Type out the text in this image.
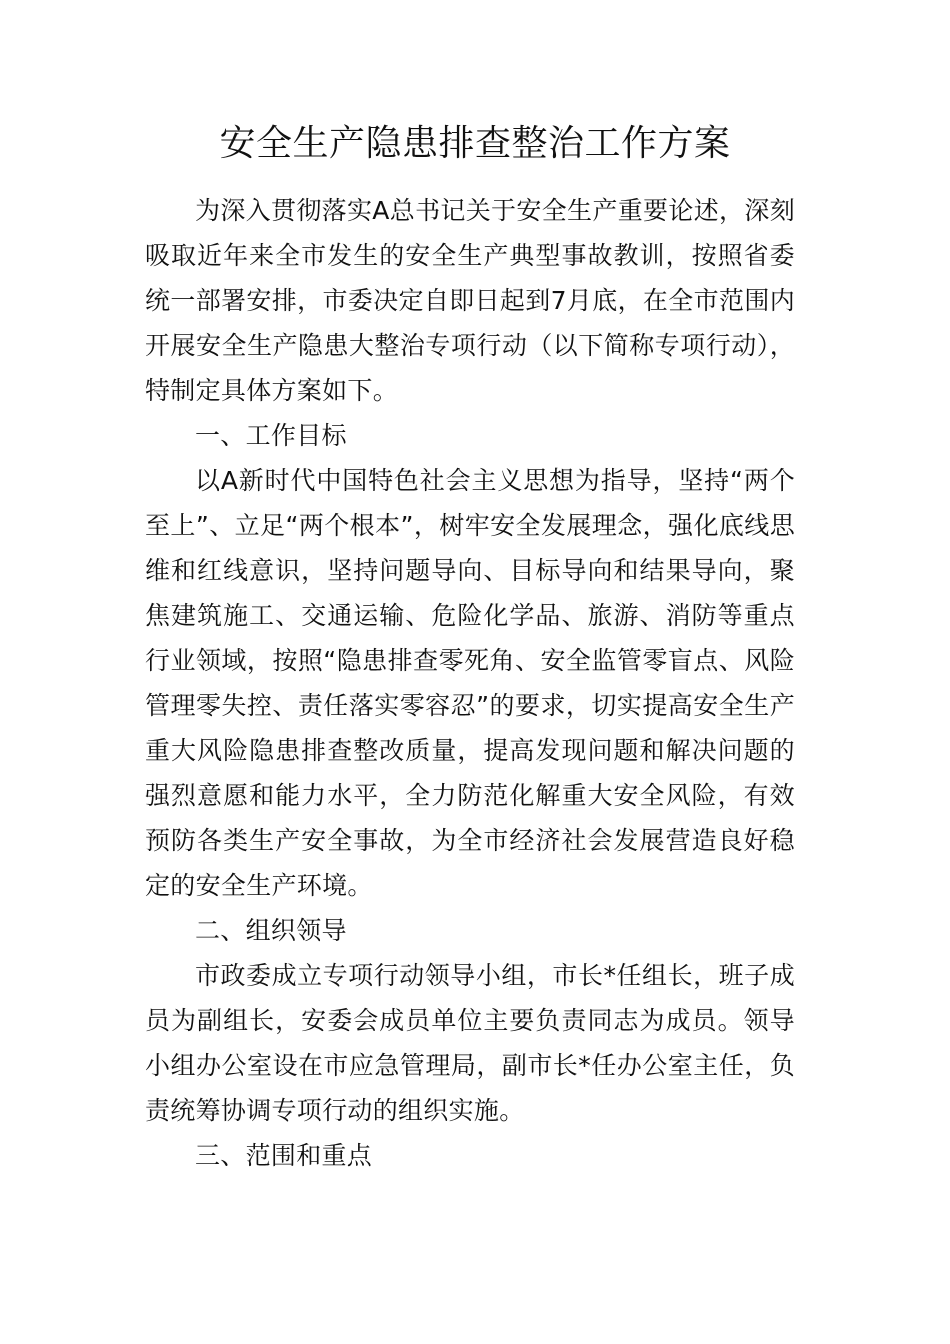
安全生产隐患排查整治工作方案

为深入贯彻落实A总书记关于安全生产重要论述，深刻吸取近年来全市发生的安全生产典型事故教训，按照省委统一部署安排，市委决定自即日起到7月底，在全市范围内开展安全生产隐患大整治专项行动（以下简称专项行动），特制定具体方案如下。

一、工作目标

以A新时代中国特色社会主义思想为指导，坚持“两个至上”、立足“两个根本”，树牢安全发展理念，强化底线思维和红线意识，坚持问题导向、目标导向和结果导向，聚焦建筑施工、交通运输、危险化学品、旅游、消防等重点行业领域，按照“隐患排查零死角、安全监管零盲点、风险管理零失控、责任落实零容忍”的要求，切实提高安全生产重大风险隐患排查整改质量，提高发现问题和解决问题的强烈意愿和能力水平，全力防范化解重大安全风险，有效预防各类生产安全事故，为全市经济社会发展营造良好稳定的安全生产环境。

二、组织领导

市政委成立专项行动领导小组，市长*任组长，班子成员为副组长，安委会成员单位主要负责同志为成员。领导小组办公室设在市应急管理局，副市长*任办公室主任，负责统筹协调专项行动的组织实施。

三、范围和重点
